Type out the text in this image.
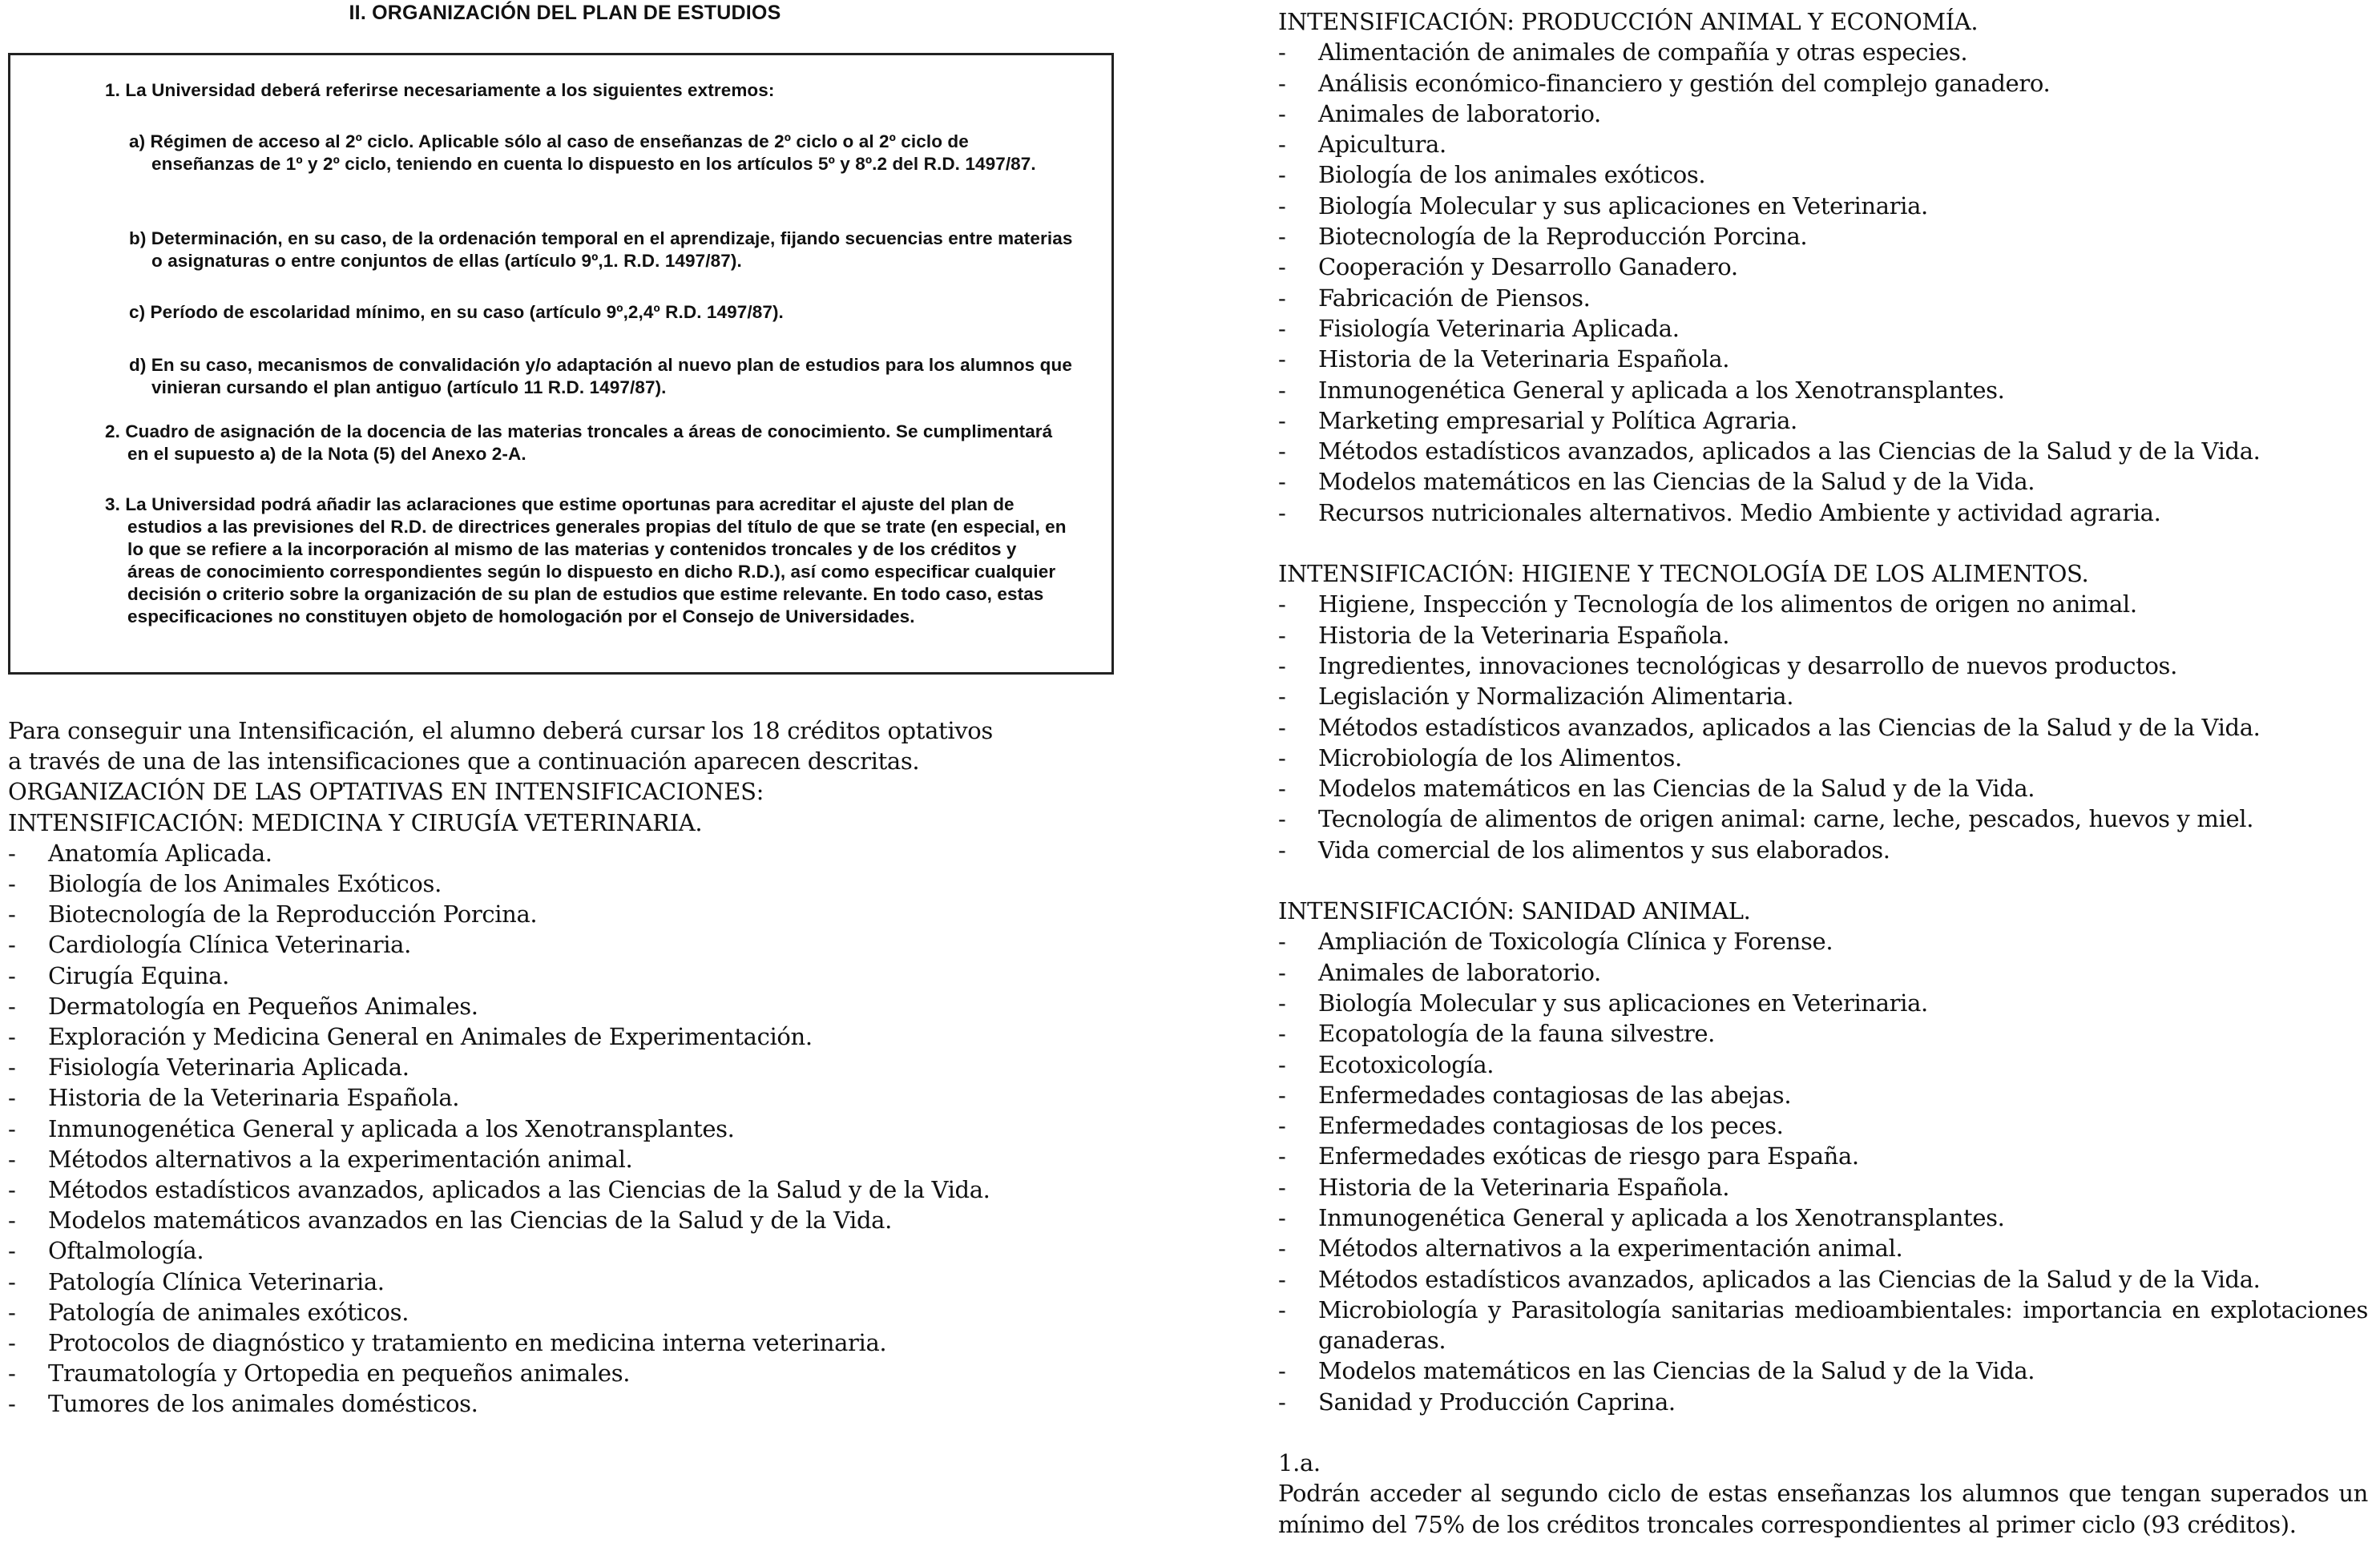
II. ORGANIZACIÓN DEL PLAN DE ESTUDIOS

1. La Universidad deberá referirse necesariamente a los siguientes extremos:

a) Régimen de acceso al 2º ciclo. Aplicable sólo al caso de enseñanzas de 2º ciclo o al 2º ciclo de enseñanzas de 1º y 2º ciclo, teniendo en cuenta lo dispuesto en los artículos 5º y 8º.2 del R.D. 1497/87.

b) Determinación, en su caso, de la ordenación temporal en el aprendizaje, fijando secuencias entre materias o asignaturas o entre conjuntos de ellas (artículo 9º,1. R.D. 1497/87).

c) Período de escolaridad mínimo, en su caso (artículo 9º,2,4º R.D. 1497/87).

d) En su caso, mecanismos de convalidación y/o adaptación al nuevo plan de estudios para los alumnos que vinieran cursando el plan antiguo (artículo 11 R.D. 1497/87).

2. Cuadro de asignación de la docencia de las materias troncales a áreas de conocimiento. Se cumplimentará en el supuesto a) de la Nota (5) del Anexo 2-A.

3. La Universidad podrá añadir las aclaraciones que estime oportunas para acreditar el ajuste del plan de estudios a las previsiones del R.D. de directrices generales propias del título de que se trate (en especial, en lo que se refiere a la incorporación al mismo de las materias y contenidos troncales y de los créditos y áreas de conocimiento correspondientes según lo dispuesto en dicho R.D.), así como especificar cualquier decisión o criterio sobre la organización de su plan de estudios que estime relevante. En todo caso, estas especificaciones no constituyen objeto de homologación por el Consejo de Universidades.

Para conseguir una Intensificación, el alumno deberá cursar los 18 créditos optativos
a través de una de las intensificaciones que a continuación aparecen descritas.
ORGANIZACIÓN DE LAS OPTATIVAS EN INTENSIFICACIONES:
INTENSIFICACIÓN: MEDICINA Y CIRUGÍA VETERINARIA.
-	Anatomía Aplicada.
-	Biología de los Animales Exóticos.
-	Biotecnología de la Reproducción Porcina.
-	Cardiología Clínica Veterinaria.
-	Cirugía Equina.
-	Dermatología en Pequeños Animales.
-	Exploración y Medicina General en Animales de Experimentación.
-	Fisiología Veterinaria Aplicada.
-	Historia de la Veterinaria Española.
-	Inmunogenética General y aplicada a los Xenotransplantes.
-	Métodos alternativos a la experimentación animal.
-	Métodos estadísticos avanzados, aplicados a las Ciencias de la Salud y de la Vida.
-	Modelos matemáticos avanzados en las Ciencias de la Salud y de la Vida.
-	Oftalmología.
-	Patología Clínica Veterinaria.
-	Patología de animales exóticos.
-	Protocolos de diagnóstico y tratamiento en medicina interna veterinaria.
-	Traumatología y Ortopedia en pequeños animales.
-	Tumores de los animales domésticos.
INTENSIFICACIÓN: PRODUCCIÓN ANIMAL Y ECONOMÍA.
-	Alimentación de animales de compañía y otras especies.
-	Análisis económico-financiero y gestión del complejo ganadero.
-	Animales de laboratorio.
-	Apicultura.
-	Biología de los animales exóticos.
-	Biología Molecular y sus aplicaciones en Veterinaria.
-	Biotecnología de la Reproducción Porcina.
-	Cooperación y Desarrollo Ganadero.
-	Fabricación de Piensos.
-	Fisiología Veterinaria Aplicada.
-	Historia de la Veterinaria Española.
-	Inmunogenética General y aplicada a los Xenotransplantes.
-	Marketing empresarial y Política Agraria.
-	Métodos estadísticos avanzados, aplicados a las Ciencias de la Salud y de la Vida.
-	Modelos matemáticos en las Ciencias de la Salud y de la Vida.
-	Recursos nutricionales alternativos. Medio Ambiente y actividad agraria.
INTENSIFICACIÓN: HIGIENE Y TECNOLOGÍA DE LOS ALIMENTOS.
-	Higiene, Inspección y Tecnología de los alimentos de origen no animal.
-	Historia de la Veterinaria Española.
-	Ingredientes, innovaciones tecnológicas y desarrollo de nuevos productos.
-	Legislación y Normalización Alimentaria.
-	Métodos estadísticos avanzados, aplicados a las Ciencias de la Salud y de la Vida.
-	Microbiología de los Alimentos.
-	Modelos matemáticos en las Ciencias de la Salud y de la Vida.
-	Tecnología de alimentos de origen animal: carne, leche, pescados, huevos y miel.
-	Vida comercial de los alimentos y sus elaborados.
INTENSIFICACIÓN: SANIDAD ANIMAL.
-	Ampliación de Toxicología Clínica y Forense.
-	Animales de laboratorio.
-	Biología Molecular y sus aplicaciones en Veterinaria.
-	Ecopatología de la fauna silvestre.
-	Ecotoxicología.
-	Enfermedades contagiosas de las abejas.
-	Enfermedades contagiosas de los peces.
-	Enfermedades exóticas de riesgo para España.
-	Historia de la Veterinaria Española.
-	Inmunogenética General y aplicada a los Xenotransplantes.
-	Métodos alternativos a la experimentación animal.
-	Métodos estadísticos avanzados, aplicados a las Ciencias de la Salud y de la Vida.
-	Microbiología y Parasitología sanitarias medioambientales: importancia en explotaciones ganaderas.
-	Modelos matemáticos en las Ciencias de la Salud y de la Vida.
-	Sanidad y Producción Caprina.
1.a.
Podrán acceder al segundo ciclo de estas enseñanzas los alumnos que tengan superados un mínimo del 75% de los créditos troncales correspondientes al primer ciclo (93 créditos).
